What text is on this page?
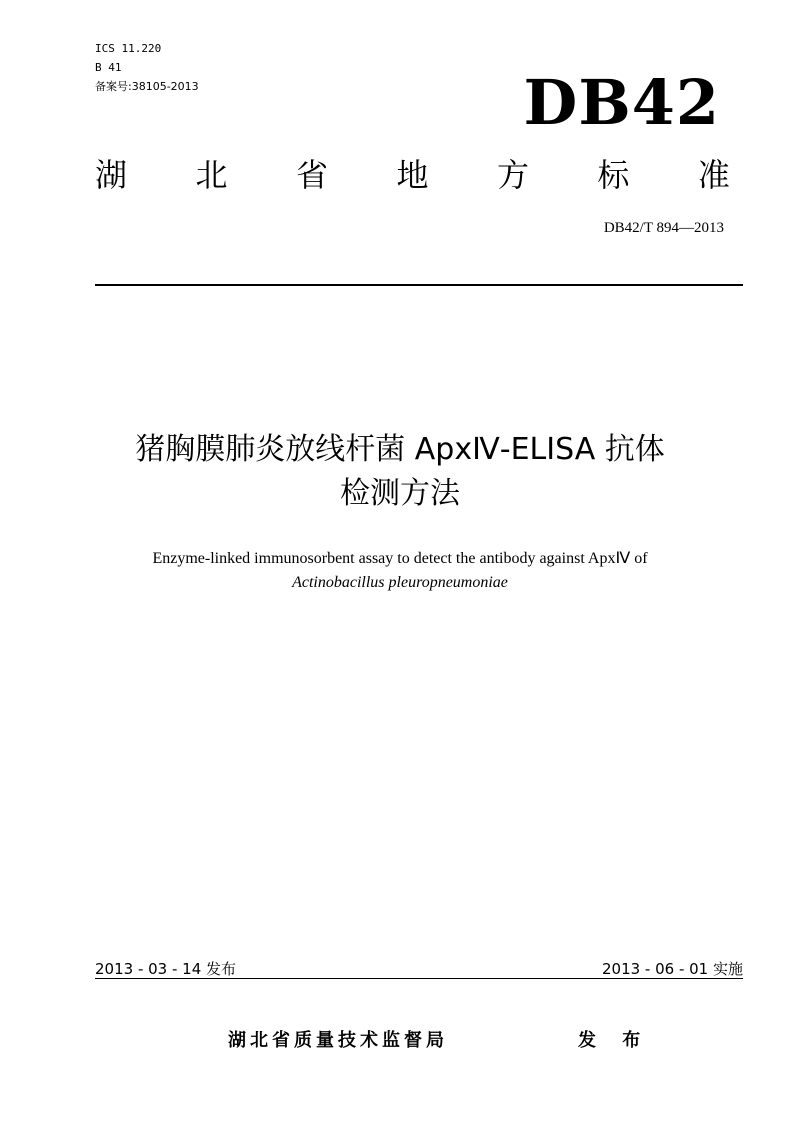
ICS 11.220
B 41
备案号:38105-2013	DB42
湖 北 省 地 方 标 准
DB42/T 894—2013
猪胸膜肺炎放线杆菌 ApxⅣ-ELISA 抗体
检测方法
Enzyme-linked immunosorbent assay to detect the antibody against ApxⅣ of
Actinobacillus pleuropneumoniae
2013 - 03 - 14 发布	2013 - 06 - 01 实施
湖北省质量技术监督局	发 布
